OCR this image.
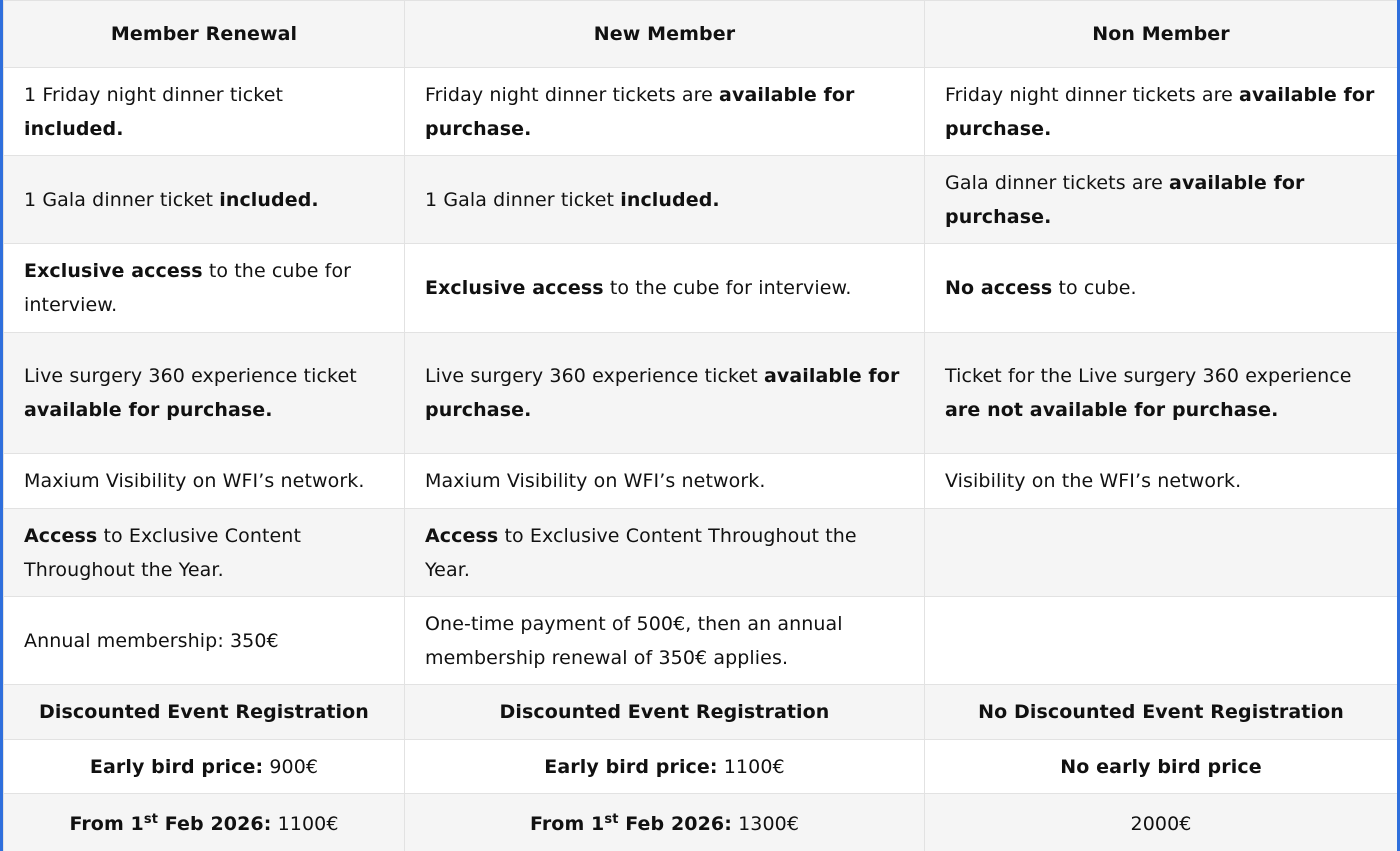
Member Renewal	New Member	Non Member
1 Friday night dinner ticket included.	Friday night dinner tickets are available for purchase.	Friday night dinner tickets are available for purchase.
1 Gala dinner ticket included.	1 Gala dinner ticket included.	Gala dinner tickets are available for purchase.
Exclusive access to the cube for interview.	Exclusive access to the cube for interview.	No access to cube.
Live surgery 360 experience ticket available for purchase.	Live surgery 360 experience ticket available for purchase.	Ticket for the Live surgery 360 experience are not available for purchase.
Maxium Visibility on WFI’s network.	Maxium Visibility on WFI’s network.	Visibility on the WFI’s network.
Access to Exclusive Content Throughout the Year.	Access to Exclusive Content Throughout the Year.	
Annual membership: 350€	One-time payment of 500€, then an annual membership renewal of 350€ applies.	
Discounted Event Registration	Discounted Event Registration	No Discounted Event Registration
Early bird price: 900€	Early bird price: 1100€	No early bird price
From 1st Feb 2026: 1100€	From 1st Feb 2026: 1300€	2000€
